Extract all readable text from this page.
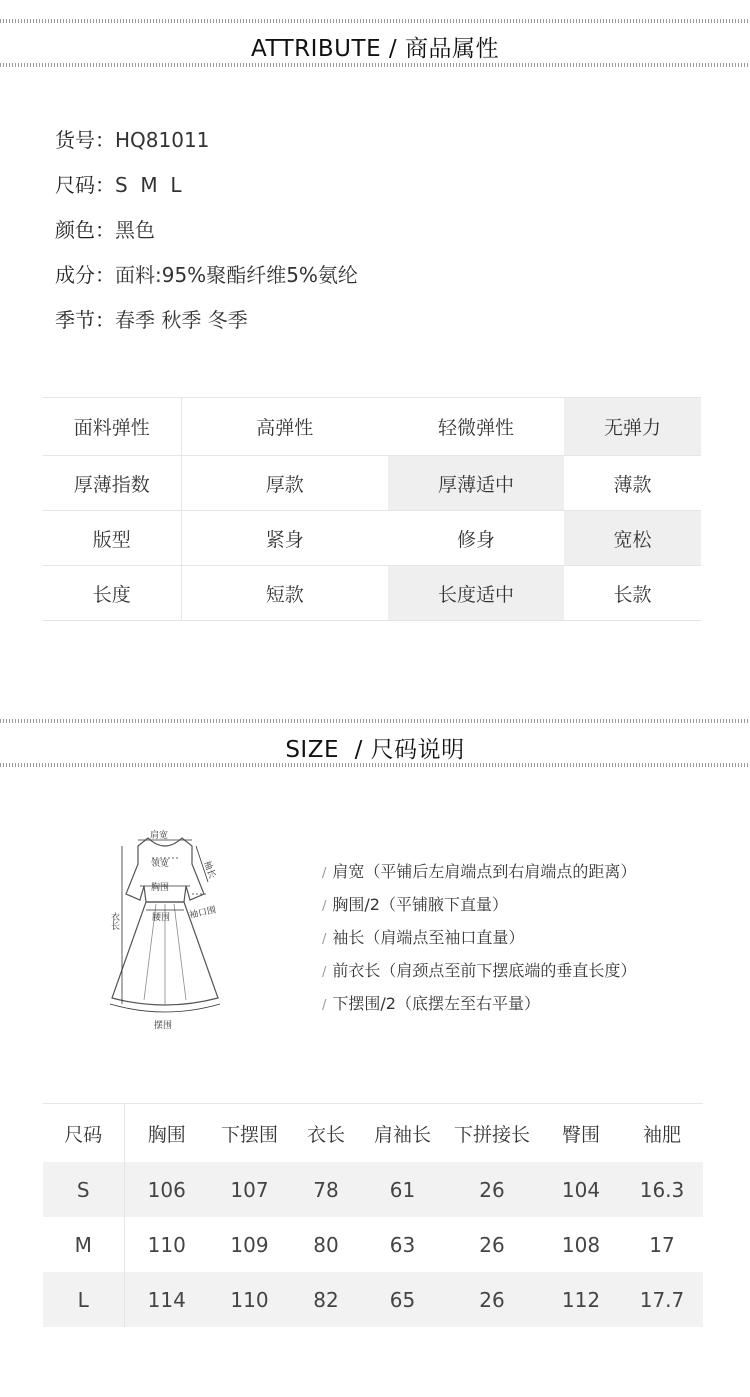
ATTRIBUTE / 商品属性
货号：HQ81011
尺码：S  M  L
颜色：黑色
成分：面料:95%聚酯纤维5%氨纶
季节：春季 秋季 冬季
面料弹性	高弹性	轻微弹性	无弹力
厚薄指数	厚款	厚薄适中	薄款
版型	紧身	修身	宽松
长度	短款	长度适中	长款
SIZE  / 尺码说明
肩宽
领宽
胸围
腰围
袖长
袖口围
衣长
摆围
/ 肩宽（平铺后左肩端点到右肩端点的距离）
/ 胸围/2（平铺腋下直量）
/ 袖长（肩端点至袖口直量）
/ 前衣长（肩颈点至前下摆底端的垂直长度）
/ 下摆围/2（底摆左至右平量）
尺码	胸围	下摆围	衣长	肩袖长	下拼接长	臀围	袖肥
S	106	107	78	61	26	104	16.3
M	110	109	80	63	26	108	17
L	114	110	82	65	26	112	17.7
